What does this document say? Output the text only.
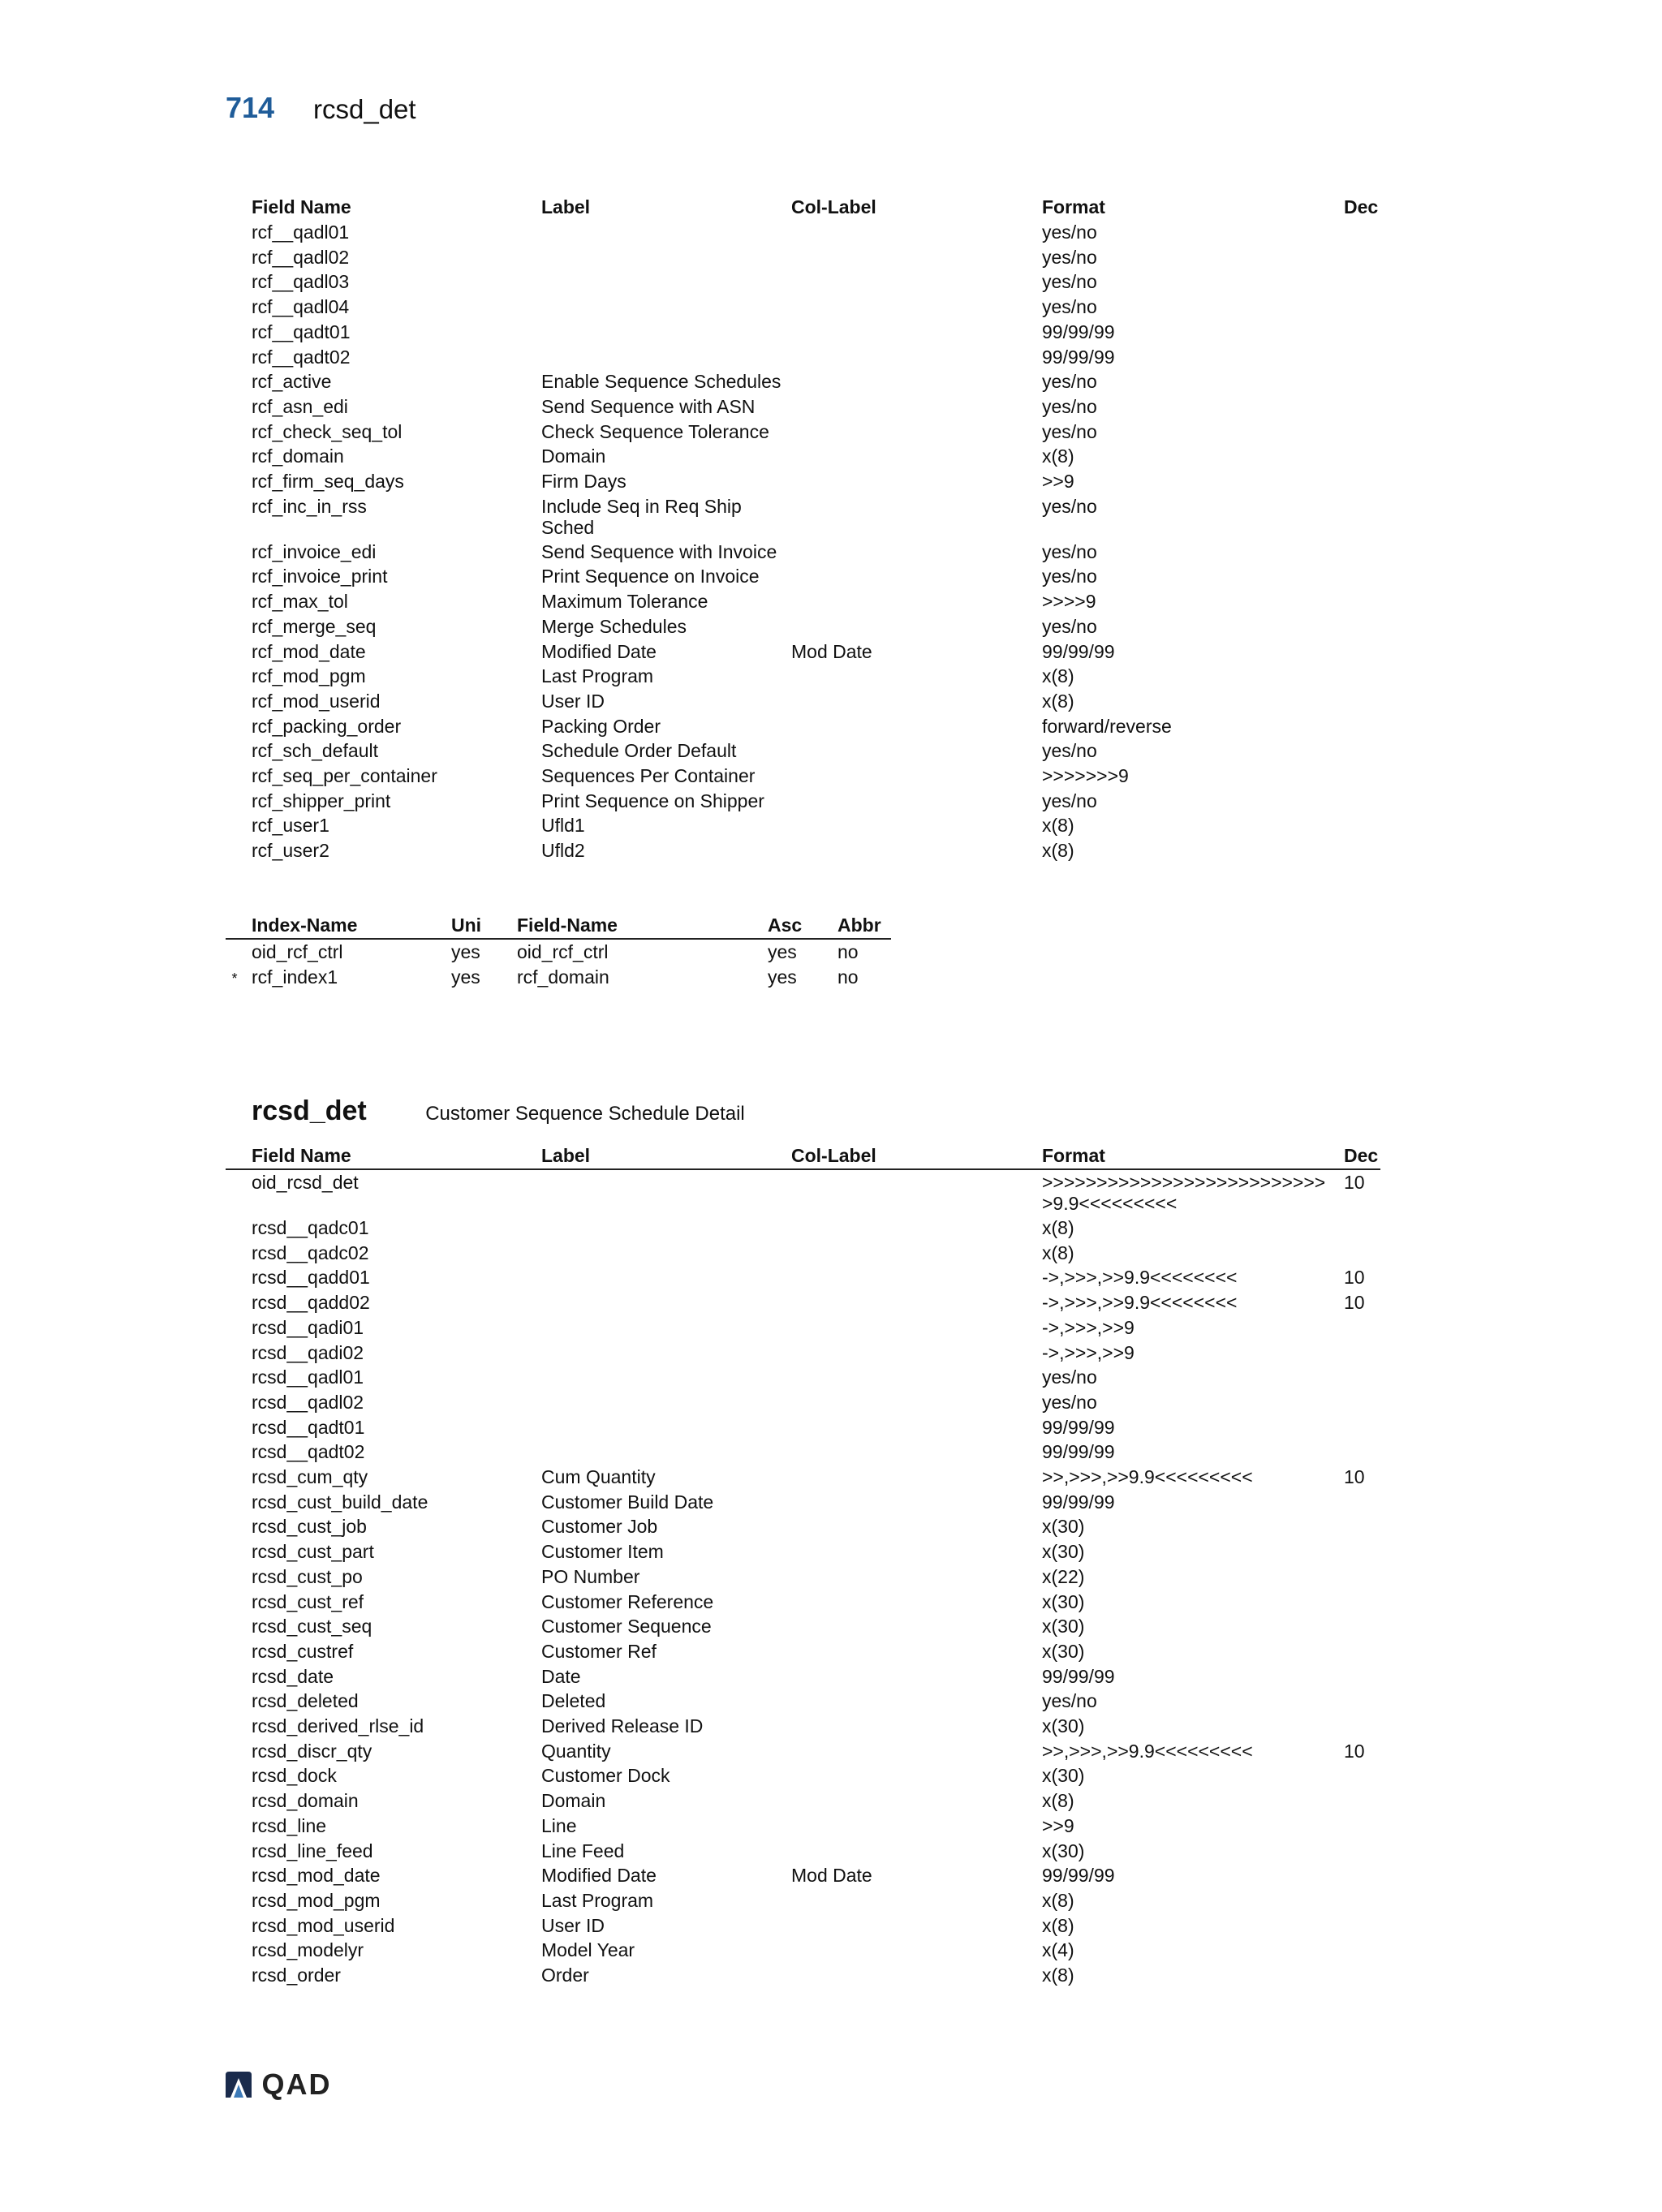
714 rcsd_det
Field Name	Label	Col-Label	Format	Dec
rcf__qadl01			yes/no	
rcf__qadl02			yes/no	
rcf__qadl03			yes/no	
rcf__qadl04			yes/no	
rcf__qadt01			99/99/99	
rcf__qadt02			99/99/99	
rcf_active	Enable Sequence Schedules		yes/no	
rcf_asn_edi	Send Sequence with ASN		yes/no	
rcf_check_seq_tol	Check Sequence Tolerance		yes/no	
rcf_domain	Domain		x(8)	
rcf_firm_seq_days	Firm Days		>>9	
rcf_inc_in_rss	Include Seq in Req Ship Sched		yes/no	
rcf_invoice_edi	Send Sequence with Invoice		yes/no	
rcf_invoice_print	Print Sequence on Invoice		yes/no	
rcf_max_tol	Maximum Tolerance		>>>>9	
rcf_merge_seq	Merge Schedules		yes/no	
rcf_mod_date	Modified Date	Mod Date	99/99/99	
rcf_mod_pgm	Last Program		x(8)	
rcf_mod_userid	User ID		x(8)	
rcf_packing_order	Packing Order		forward/reverse	
rcf_sch_default	Schedule Order Default		yes/no	
rcf_seq_per_container	Sequences Per Container		>>>>>>>9	
rcf_shipper_print	Print Sequence on Shipper		yes/no	
rcf_user1	Ufld1		x(8)	
rcf_user2	Ufld2		x(8)	
Index-Name	Uni	Field-Name	Asc	Abbr
oid_rcf_ctrl	yes	oid_rcf_ctrl	yes	no
* rcf_index1	yes	rcf_domain	yes	no
rcsd_det	Customer Sequence Schedule Detail
Field Name	Label	Col-Label	Format	Dec
oid_rcsd_det			>>>>>>>>>>>>>>>>>>>>>>>>>>>9.9<<<<<<<<<	10
rcsd__qadc01			x(8)	
rcsd__qadc02			x(8)	
rcsd__qadd01			->,>>>,>>9.9<<<<<<<<	10
rcsd__qadd02			->,>>>,>>9.9<<<<<<<<	10
rcsd__qadi01			->,>>>,>>9	
rcsd__qadi02			->,>>>,>>9	
rcsd__qadl01			yes/no	
rcsd__qadl02			yes/no	
rcsd__qadt01			99/99/99	
rcsd__qadt02			99/99/99	
rcsd_cum_qty	Cum Quantity		>>,>>>,>>9.9<<<<<<<<<	10
rcsd_cust_build_date	Customer Build Date		99/99/99	
rcsd_cust_job	Customer Job		x(30)	
rcsd_cust_part	Customer Item		x(30)	
rcsd_cust_po	PO Number		x(22)	
rcsd_cust_ref	Customer Reference		x(30)	
rcsd_cust_seq	Customer Sequence		x(30)	
rcsd_custref	Customer Ref		x(30)	
rcsd_date	Date		99/99/99	
rcsd_deleted	Deleted		yes/no	
rcsd_derived_rlse_id	Derived Release ID		x(30)	
rcsd_discr_qty	Quantity		>>,>>>,>>9.9<<<<<<<<<	10
rcsd_dock	Customer Dock		x(30)	
rcsd_domain	Domain		x(8)	
rcsd_line	Line		>>9	
rcsd_line_feed	Line Feed		x(30)	
rcsd_mod_date	Modified Date	Mod Date	99/99/99	
rcsd_mod_pgm	Last Program		x(8)	
rcsd_mod_userid	User ID		x(8)	
rcsd_modelyr	Model Year		x(4)	
rcsd_order	Order		x(8)	
QAD
